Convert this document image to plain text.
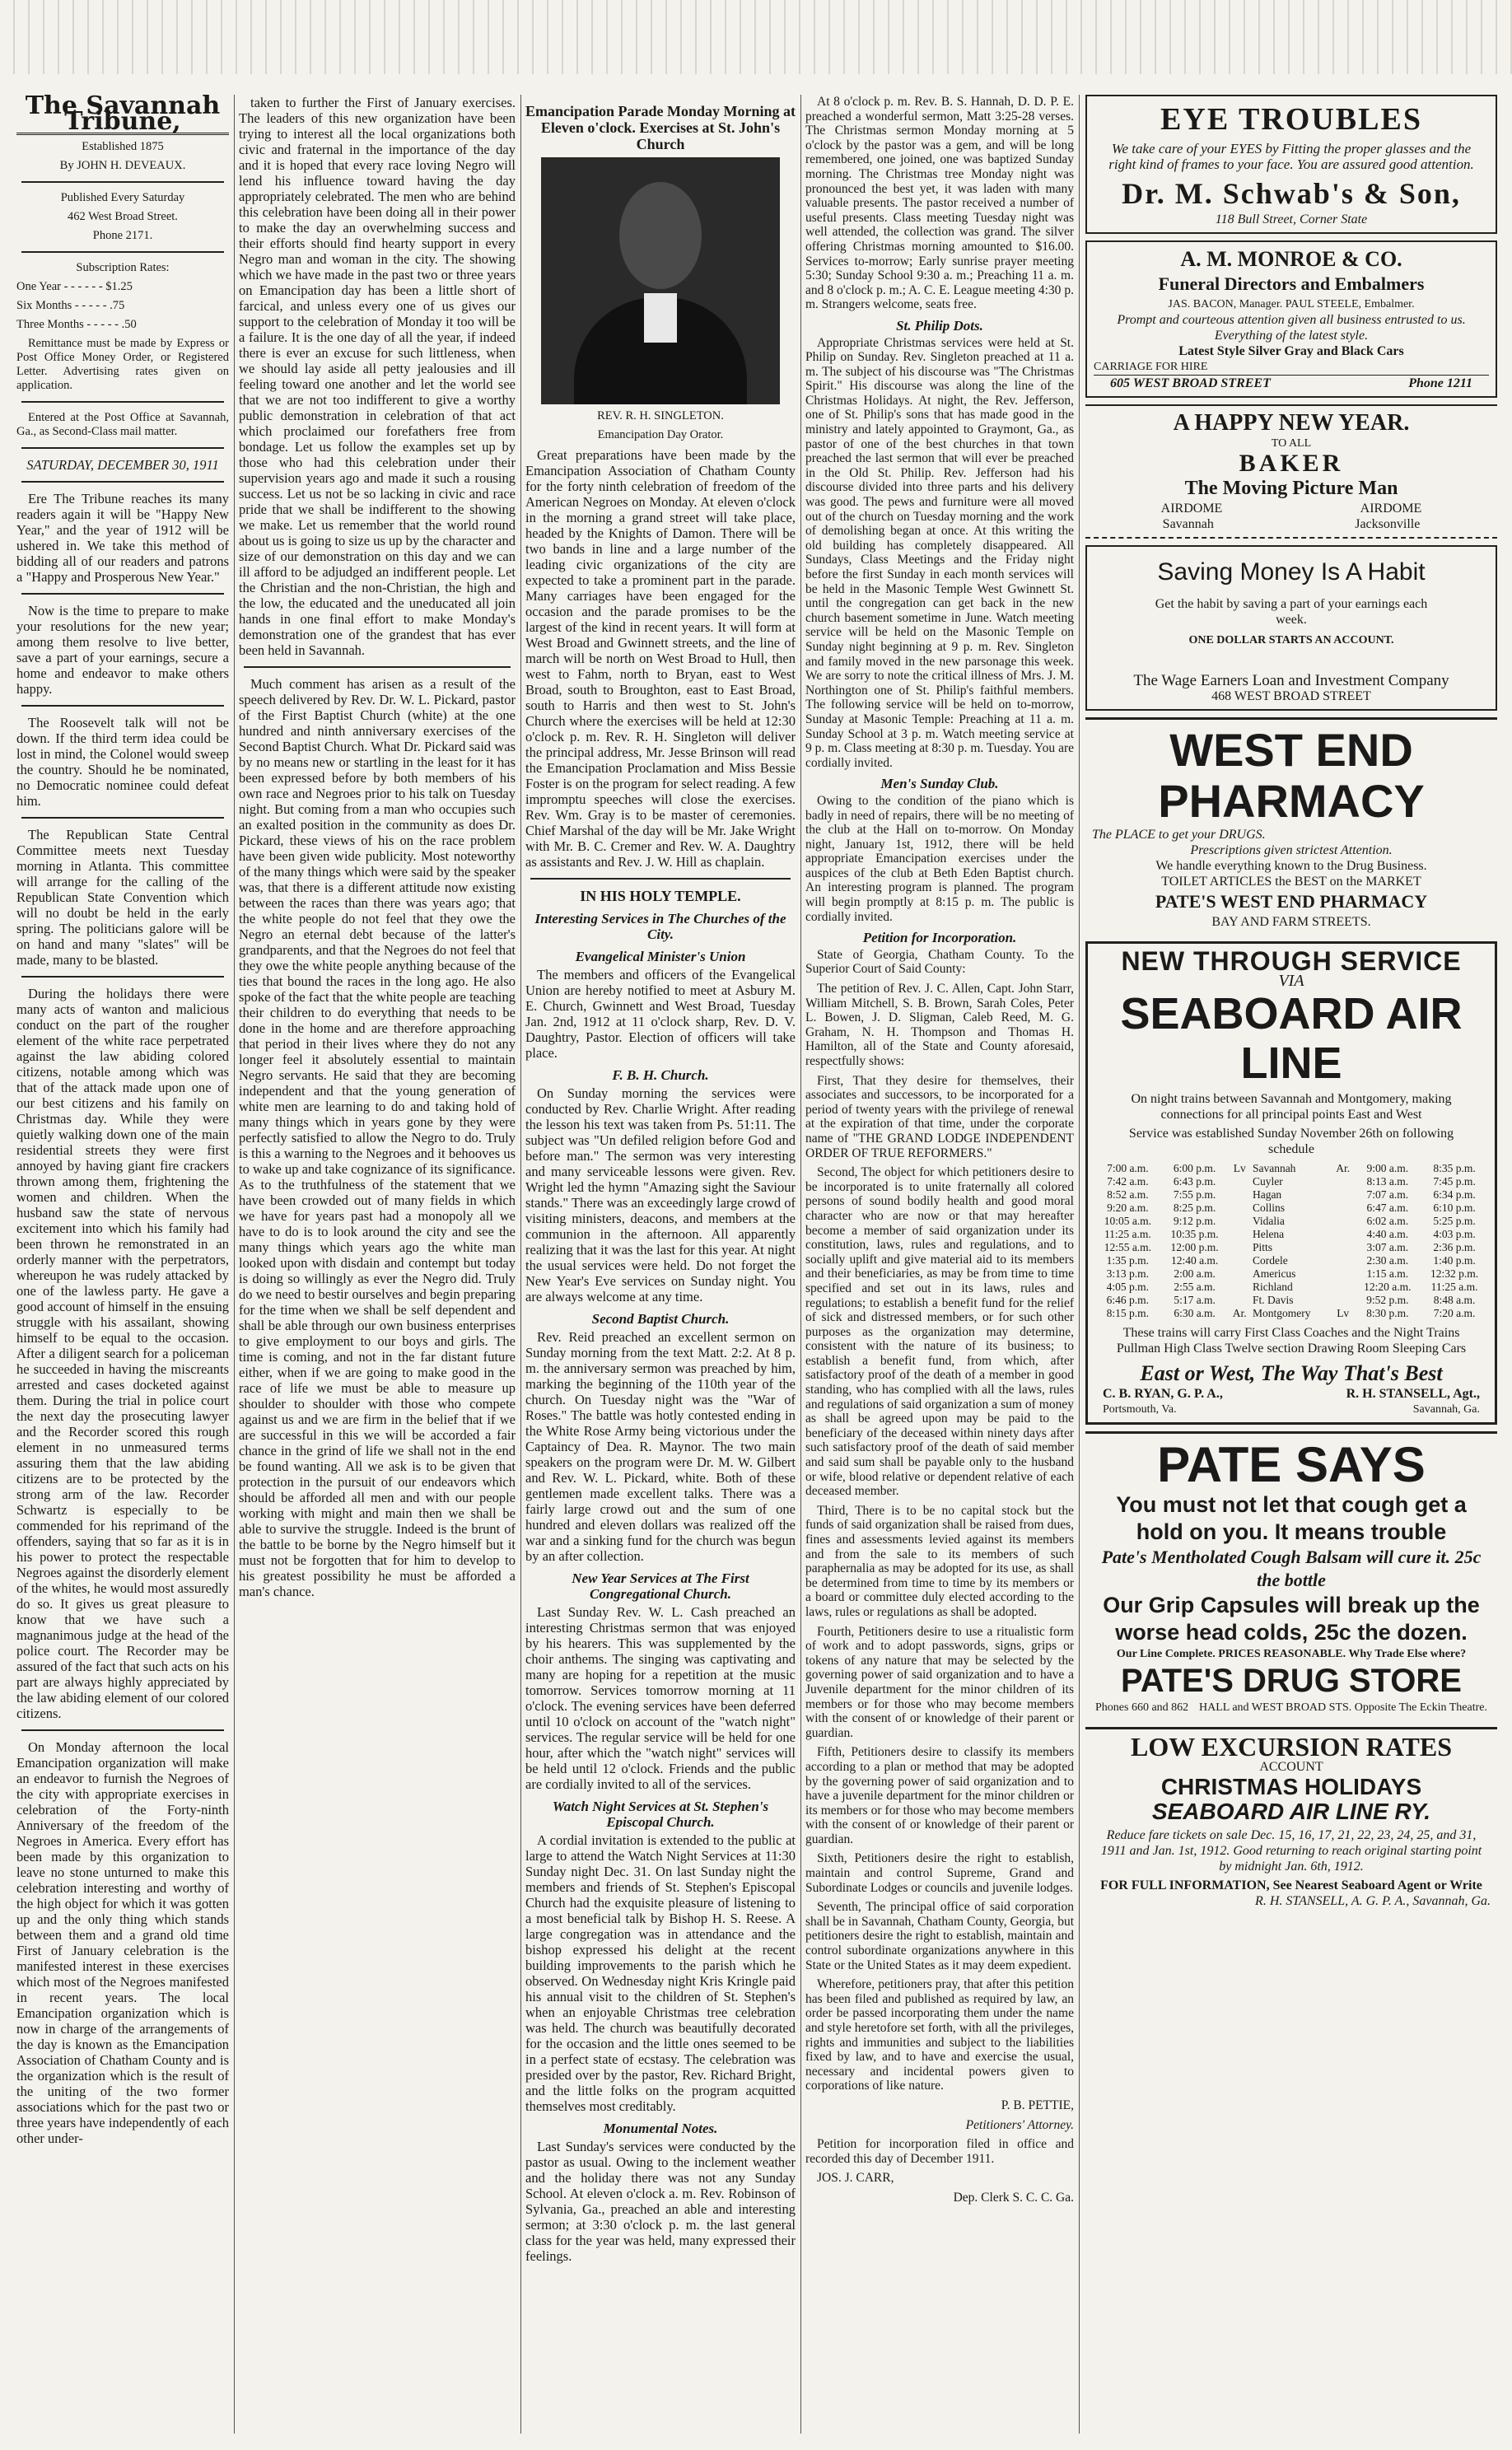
The Savannah Tribune,

Established 1875

By JOHN H. DEVEAUX.

Published Every Saturday

462 West Broad Street.

Phone 2171.

Subscription Rates:

One Year - - - - - - $1.25

Six Months - - - - - .75

Three Months - - - - - .50

Remittance must be made by Express or Post Office Money Order, or Registered Letter. Advertising rates given on application.

Entered at the Post Office at Savannah, Ga., as Second-Class mail matter.

SATURDAY, DECEMBER 30, 1911

Ere The Tribune reaches its many readers again it will be "Happy New Year," and the year of 1912 will be ushered in. We take this method of bidding all of our readers and patrons a "Happy and Prosperous New Year."

Now is the time to prepare to make your resolutions for the new year; among them resolve to live better, save a part of your earnings, secure a home and endeavor to make others happy.

The Roosevelt talk will not be down. If the third term idea could be lost in mind, the Colonel would sweep the country. Should he be nominated, no Democratic nominee could defeat him.

The Republican State Central Committee meets next Tuesday morning in Atlanta. This committee will arrange for the calling of the Republican State Convention which will no doubt be held in the early spring. The politicians galore will be on hand and many "slates" will be made, many to be blasted.

During the holidays there were many acts of wanton and malicious conduct on the part of the rougher element of the white race perpetrated against the law abiding colored citizens, notable among which was that of the attack made upon one of our best citizens and his family on Christmas day. While they were quietly walking down one of the main residential streets they were first annoyed by having giant fire crackers thrown among them, frightening the women and children. When the husband saw the state of nervous excitement into which his family had been thrown he remonstrated in an orderly manner with the perpetrators, whereupon he was rudely attacked by one of the lawless party. He gave a good account of himself in the ensuing struggle with his assailant, showing himself to be equal to the occasion. After a diligent search for a policeman he succeeded in having the miscreants arrested and cases docketed against them. During the trial in police court the next day the prosecuting lawyer and the Recorder scored this rough element in no unmeasured terms assuring them that the law abiding citizens are to be protected by the strong arm of the law. Recorder Schwartz is especially to be commended for his reprimand of the offenders, saying that so far as it is in his power to protect the respectable Negroes against the disorderly element of the whites, he would most assuredly do so. It gives us great pleasure to know that we have such a magnanimous judge at the head of the police court. The Recorder may be assured of the fact that such acts on his part are always highly appreciated by the law abiding element of our colored citizens.

On Monday afternoon the local Emancipation organization will make an endeavor to furnish the Negroes of the city with appropriate exercises in celebration of the Forty-ninth Anniversary of the freedom of the Negroes in America. Every effort has been made by this organization to leave no stone unturned to make this celebration interesting and worthy of the high object for which it was gotten up and the only thing which stands between them and a grand old time First of January celebration is the manifested interest in these exercises which most of the Negroes manifested in recent years. The local Emancipation organization which is now in charge of the arrangements of the day is known as the Emancipation Association of Chatham County and is the organization which is the result of the uniting of the two former associations which for the past two or three years have independently of each other under-

taken to further the First of January exercises. The leaders of this new organization have been trying to interest all the local organizations both civic and fraternal in the importance of the day and it is hoped that every race loving Negro will lend his influence toward having the day appropriately celebrated. The men who are behind this celebration have been doing all in their power to make the day an overwhelming success and their efforts should find hearty support in every Negro man and woman in the city. The showing which we have made in the past two or three years on Emancipation day has been a little short of farcical, and unless every one of us gives our support to the celebration of Monday it too will be a failure. It is the one day of all the year, if indeed there is ever an excuse for such littleness, when we should lay aside all petty jealousies and ill feeling toward one another and let the world see that we are not too indifferent to give a worthy public demonstration in celebration of that act which proclaimed our forefathers free from bondage. Let us follow the examples set up by those who had this celebration under their supervision years ago and made it such a rousing success. Let us not be so lacking in civic and race pride that we shall be indifferent to the showing we make. Let us remember that the world round about us is going to size us up by the character and size of our demonstration on this day and we can ill afford to be adjudged an indifferent people. Let the Christian and the non-Christian, the high and the low, the educated and the uneducated all join hands in one final effort to make Monday's demonstration one of the grandest that has ever been held in Savannah.

Much comment has arisen as a result of the speech delivered by Rev. Dr. W. L. Pickard, pastor of the First Baptist Church (white) at the one hundred and ninth anniversary exercises of the Second Baptist Church. What Dr. Pickard said was by no means new or startling in the least for it has been expressed before by both members of his own race and Negroes prior to his talk on Tuesday night. But coming from a man who occupies such an exalted position in the community as does Dr. Pickard, these views of his on the race problem have been given wide publicity. Most noteworthy of the many things which were said by the speaker was, that there is a different attitude now existing between the races than there was years ago; that the white people do not feel that they owe the Negro an eternal debt because of the latter's grandparents, and that the Negroes do not feel that they owe the white people anything because of the ties that bound the races in the long ago. He also spoke of the fact that the white people are teaching their children to do everything that needs to be done in the home and are therefore approaching that period in their lives where they do not any longer feel it absolutely essential to maintain Negro servants. He said that they are becoming independent and that the young generation of white men are learning to do and taking hold of many things which in years gone by they were perfectly satisfied to allow the Negro to do. Truly is this a warning to the Negroes and it behooves us to wake up and take cognizance of its significance. As to the truthfulness of the statement that we have been crowded out of many fields in which we have for years past had a monopoly all we have to do is to look around the city and see the many things which years ago the white man looked upon with disdain and contempt but today is doing so willingly as ever the Negro did. Truly do we need to bestir ourselves and begin preparing for the time when we shall be self dependent and shall be able through our own business enterprises to give employment to our boys and girls. The time is coming, and not in the far distant future either, when if we are going to make good in the race of life we must be able to measure up shoulder to shoulder with those who compete against us and we are firm in the belief that if we are successful in this we will be accorded a fair chance in the grind of life we shall not in the end be found wanting. All we ask is to be given that protection in the pursuit of our endeavors which should be afforded all men and with our people working with might and main then we shall be able to survive the struggle. Indeed is the brunt of the battle to be borne by the Negro himself but it must not be forgotten that for him to develop to his greatest possibility he must be afforded a man's chance.

Emancipation Parade Monday Morning at Eleven o'clock. Exercises at St. John's Church

REV. R. H. SINGLETON.

Emancipation Day Orator.

Great preparations have been made by the Emancipation Association of Chatham County for the forty ninth celebration of freedom of the American Negroes on Monday. At eleven o'clock in the morning a grand street will take place, headed by the Knights of Damon. There will be two bands in line and a large number of the leading civic organizations of the city are expected to take a prominent part in the parade. Many carriages have been engaged for the occasion and the parade promises to be the largest of the kind in recent years. It will form at West Broad and Gwinnett streets, and the line of march will be north on West Broad to Hull, then west to Fahm, north to Bryan, east to West Broad, south to Broughton, east to East Broad, south to Harris and then west to St. John's Church where the exercises will be held at 12:30 o'clock p. m. Rev. R. H. Singleton will deliver the principal address, Mr. Jesse Brinson will read the Emancipation Proclamation and Miss Bessie Foster is on the program for select reading. A few impromptu speeches will close the exercises. Rev. Wm. Gray is to be master of ceremonies. Chief Marshal of the day will be Mr. Jake Wright with Mr. B. C. Cremer and Rev. W. A. Daughtry as assistants and Rev. J. W. Hill as chaplain.

IN HIS HOLY TEMPLE.
Interesting Services in The Churches of the City.
Evangelical Minister's Union

The members and officers of the Evangelical Union are hereby notified to meet at Asbury M. E. Church, Gwinnett and West Broad, Tuesday Jan. 2nd, 1912 at 11 o'clock sharp, Rev. D. V. Daughtry, Pastor. Election of officers will take place.

F. B. H. Church.

On Sunday morning the services were conducted by Rev. Charlie Wright. After reading the lesson his text was taken from Ps. 51:11. The subject was "Un defiled religion before God and before man." The sermon was very interesting and many serviceable lessons were given. Rev. Wright led the hymn "Amazing sight the Saviour stands." There was an exceedingly large crowd of visiting ministers, deacons, and members at the communion in the afternoon. All apparently realizing that it was the last for this year. At night the usual services were held. Do not forget the New Year's Eve services on Sunday night. You are always welcome at any time.

Second Baptist Church.

Rev. Reid preached an excellent sermon on Sunday morning from the text Matt. 2:2. At 8 p. m. the anniversary sermon was preached by him, marking the beginning of the 110th year of the church. On Tuesday night was the "War of Roses." The battle was hotly contested ending in the White Rose Army being victorious under the Captaincy of Dea. R. Maynor. The two main speakers on the program were Dr. M. W. Gilbert and Rev. W. L. Pickard, white. Both of these gentlemen made excellent talks. There was a fairly large crowd out and the sum of one hundred and eleven dollars was realized off the war and a sinking fund for the church was begun by an after collection.

New Year Services at The First Congregational Church.

Last Sunday Rev. W. L. Cash preached an interesting Christmas sermon that was enjoyed by his hearers. This was supplemented by the choir anthems. The singing was captivating and many are hoping for a repetition at the music tomorrow. Services tomorrow morning at 11 o'clock. The evening services have been deferred until 10 o'clock on account of the "watch night" services. The regular service will be held for one hour, after which the "watch night" services will be held until 12 o'clock. Friends and the public are cordially invited to all of the services.

Watch Night Services at St. Stephen's Episcopal Church.

A cordial invitation is extended to the public at large to attend the Watch Night Services at 11:30 Sunday night Dec. 31. On last Sunday night the members and friends of St. Stephen's Episcopal Church had the exquisite pleasure of listening to a most beneficial talk by Bishop H. S. Reese. A large congregation was in attendance and the bishop expressed his delight at the recent building improvements to the parish which he observed. On Wednesday night Kris Kringle paid his annual visit to the children of St. Stephen's when an enjoyable Christmas tree celebration was held. The church was beautifully decorated for the occasion and the little ones seemed to be in a perfect state of ecstasy. The celebration was presided over by the pastor, Rev. Richard Bright, and the little folks on the program acquitted themselves most creditably.

Monumental Notes.

Last Sunday's services were conducted by the pastor as usual. Owing to the inclement weather and the holiday there was not any Sunday School. At eleven o'clock a. m. Rev. Robinson of Sylvania, Ga., preached an able and interesting sermon; at 3:30 o'clock p. m. the last general class for the year was held, many expressed their feelings.

At 8 o'clock p. m. Rev. B. S. Hannah, D. D. P. E. preached a wonderful sermon, Matt 3:25-28 verses. The Christmas sermon Monday morning at 5 o'clock by the pastor was a gem, and will be long remembered, one joined, one was baptized Sunday morning. The Christmas tree Monday night was pronounced the best yet, it was laden with many valuable presents. The pastor received a number of useful presents. Class meeting Tuesday night was well attended, the collection was grand. The silver offering Christmas morning amounted to $16.00. Services to-morrow; Early sunrise prayer meeting 5:30; Sunday School 9:30 a. m.; Preaching 11 a. m. and 8 o'clock p. m.; A. C. E. League meeting 4:30 p. m. Strangers welcome, seats free.

St. Philip Dots.

Appropriate Christmas services were held at St. Philip on Sunday. Rev. Singleton preached at 11 a. m. The subject of his discourse was "The Christmas Spirit." His discourse was along the line of the Christmas Holidays. At night, the Rev. Jefferson, one of St. Philip's sons that has made good in the ministry and lately appointed to Graymont, Ga., as pastor of one of the best churches in that town preached the last sermon that will ever be preached in the Old St. Philip. Rev. Jefferson had his discourse divided into three parts and his delivery was good. The pews and furniture were all moved out of the church on Tuesday morning and the work of demolishing began at once. At this writing the old building has completely disappeared. All Sundays, Class Meetings and the Friday night before the first Sunday in each month services will be held in the Masonic Temple West Gwinnett St. until the congregation can get back in the new church basement sometime in June. Watch meeting service will be held on the Masonic Temple on Sunday night beginning at 9 p. m. Rev. Singleton and family moved in the new parsonage this week. We are sorry to note the critical illness of Mrs. J. M. Northington one of St. Philip's faithful members. The following service will be held on to-morrow, Sunday at Masonic Temple: Preaching at 11 a. m. Sunday School at 3 p. m. Watch meeting service at 9 p. m. Class meeting at 8:30 p. m. Tuesday. You are cordially invited.

Men's Sunday Club.

Owing to the condition of the piano which is badly in need of repairs, there will be no meeting of the club at the Hall on to-morrow. On Monday night, January 1st, 1912, there will be held appropriate Emancipation exercises under the auspices of the club at Beth Eden Baptist church. An interesting program is planned. The program will begin promptly at 8:15 p. m. The public is cordially invited.

Petition for Incorporation.

State of Georgia, Chatham County. To the Superior Court of Said County:

The petition of Rev. J. C. Allen, Capt. John Starr, William Mitchell, S. B. Brown, Sarah Coles, Peter L. Bowen, J. D. Sligman, Caleb Reed, M. G. Graham, N. H. Thompson and Thomas H. Hamilton, all of the State and County aforesaid, respectfully shows:

First, That they desire for themselves, their associates and successors, to be incorporated for a period of twenty years with the privilege of renewal at the expiration of that time, under the corporate name of "THE GRAND LODGE INDEPENDENT ORDER OF TRUE REFORMERS."

Second, The object for which petitioners desire to be incorporated is to unite fraternally all colored persons of sound bodily health and good moral character who are now or that may hereafter become a member of said organization under its constitution, laws, rules and regulations, and to socially uplift and give material aid to its members and their beneficiaries, as may be from time to time specified and set out in its laws, rules and regulations; to establish a benefit fund for the relief of sick and distressed members, or for such other purposes as the organization may determine, consistent with the nature of its business; to establish a benefit fund, from which, after satisfactory proof of the death of a member in good standing, who has complied with all the laws, rules and regulations of said organization a sum of money as shall be agreed upon may be paid to the beneficiary of the deceased within ninety days after such satisfactory proof of the death of said member and said sum shall be payable only to the husband or wife, blood relative or dependent relative of each deceased member.

Third, There is to be no capital stock but the funds of said organization shall be raised from dues, fines and assessments levied against its members and from the sale to its members of such paraphernalia as may be adopted for its use, as shall be determined from time to time by its members or a board or committee duly elected according to the laws, rules or regulations as shall be adopted.

Fourth, Petitioners desire to use a ritualistic form of work and to adopt passwords, signs, grips or tokens of any nature that may be selected by the governing power of said organization and to have a Juvenile department for the minor children of its members or for those who may become members with the consent of or knowledge of their parent or guardian.

Fifth, Petitioners desire to classify its members according to a plan or method that may be adopted by the governing power of said organization and to have a juvenile department for the minor children or its members or for those who may become members with the consent of or knowledge of their parent or guardian.

Sixth, Petitioners desire the right to establish, maintain and control Supreme, Grand and Subordinate Lodges or councils and juvenile lodges.

Seventh, The principal office of said corporation shall be in Savannah, Chatham County, Georgia, but petitioners desire the right to establish, maintain and control subordinate organizations anywhere in this State or the United States as it may deem expedient.

Wherefore, petitioners pray, that after this petition has been filed and published as required by law, an order be passed incorporating them under the name and style heretofore set forth, with all the privileges, rights and immunities and subject to the liabilities fixed by law, and to have and exercise the usual, necessary and incidental powers given to corporations of like nature.

P. B. PETTIE,

Petitioners' Attorney.

Petition for incorporation filed in office and recorded this day of December 1911.

JOS. J. CARR,

Dep. Clerk S. C. C. Ga.

EYE TROUBLES
We take care of your EYES by Fitting the proper glasses and the right kind of frames to your face. You are assured good attention.
Dr. M. Schwab's & Son,
118 Bull Street, Corner State
A. M. MONROE & CO.
Funeral Directors and Embalmers
JAS. BACON, Manager. PAUL STEELE, Embalmer.
Prompt and courteous attention given all business entrusted to us. Everything of the latest style.
Latest Style Silver Gray and Black Cars
CARRIAGE FOR HIRE
605 WEST BROAD STREET	Phone 1211
A HAPPY NEW YEAR.
TO ALL
BAKER
The Moving Picture Man
AIRDOME	AIRDOME
Savannah	Jacksonville
Saving Money Is A Habit
Get the habit by saving a part of your earnings each week.
ONE DOLLAR STARTS AN ACCOUNT.
The Wage Earners Loan and Investment Company
468 WEST BROAD STREET
WEST END PHARMACY
The PLACE to get your DRUGS.
Prescriptions given strictest Attention.
We handle everything known to the Drug Business.
TOILET ARTICLES the BEST on the MARKET
PATE'S WEST END PHARMACY
BAY AND FARM STREETS.
NEW THROUGH SERVICE
VIA
SEABOARD AIR LINE
On night trains between Savannah and Montgomery, making connections for all principal points East and West
Service was established Sunday November 26th on following schedule
7:00 a.m.	6:00 p.m.	Lv	Savannah	Ar.	9:00 a.m.	8:35 p.m.
7:42 a.m.	6:43 p.m.		Cuyler		8:13 a.m.	7:45 p.m.
8:52 a.m.	7:55 p.m.		Hagan		7:07 a.m.	6:34 p.m.
9:20 a.m.	8:25 p.m.		Collins		6:47 a.m.	6:10 p.m.
10:05 a.m.	9:12 p.m.		Vidalia		6:02 a.m.	5:25 p.m.
11:25 a.m.	10:35 p.m.		Helena		4:40 a.m.	4:03 p.m.
12:55 a.m.	12:00 p.m.		Pitts		3:07 a.m.	2:36 p.m.
1:35 p.m.	12:40 a.m.		Cordele		2:30 a.m.	1:40 p.m.
3:13 p.m.	2:00 a.m.		Americus		1:15 a.m.	12:32 p.m.
4:05 p.m.	2:55 a.m.		Richland		12:20 a.m.	11:25 a.m.
6:46 p.m.	5:17 a.m.		Ft. Davis		9:52 p.m.	8:48 a.m.
8:15 p.m.	6:30 a.m.	Ar.	Montgomery	Lv	8:30 p.m.	7:20 a.m.
These trains will carry First Class Coaches and the Night Trains Pullman High Class Twelve section Drawing Room Sleeping Cars
East or West, The Way That's Best
C. B. RYAN, G. P. A.,	R. H. STANSELL, Agt.,
Portsmouth, Va.	Savannah, Ga.
PATE SAYS
You must not let that cough get a hold on you. It means trouble
Pate's Mentholated Cough Balsam will cure it. 25c the bottle
Our Grip Capsules will break up the worse head colds, 25c the dozen.
Our Line Complete. PRICES REASONABLE. Why Trade Else where?
PATE'S DRUG STORE
Phones 660 and 862 HALL and WEST BROAD STS. Opposite The Eckin Theatre.
LOW EXCURSION RATES
ACCOUNT
CHRISTMAS HOLIDAYS
SEABOARD AIR LINE RY.
Reduce fare tickets on sale Dec. 15, 16, 17, 21, 22, 23, 24, 25, and 31, 1911 and Jan. 1st, 1912. Good returning to reach original starting point by midnight Jan. 6th, 1912.
FOR FULL INFORMATION, See Nearest Seaboard Agent or Write
R. H. STANSELL, A. G. P. A., Savannah, Ga.
